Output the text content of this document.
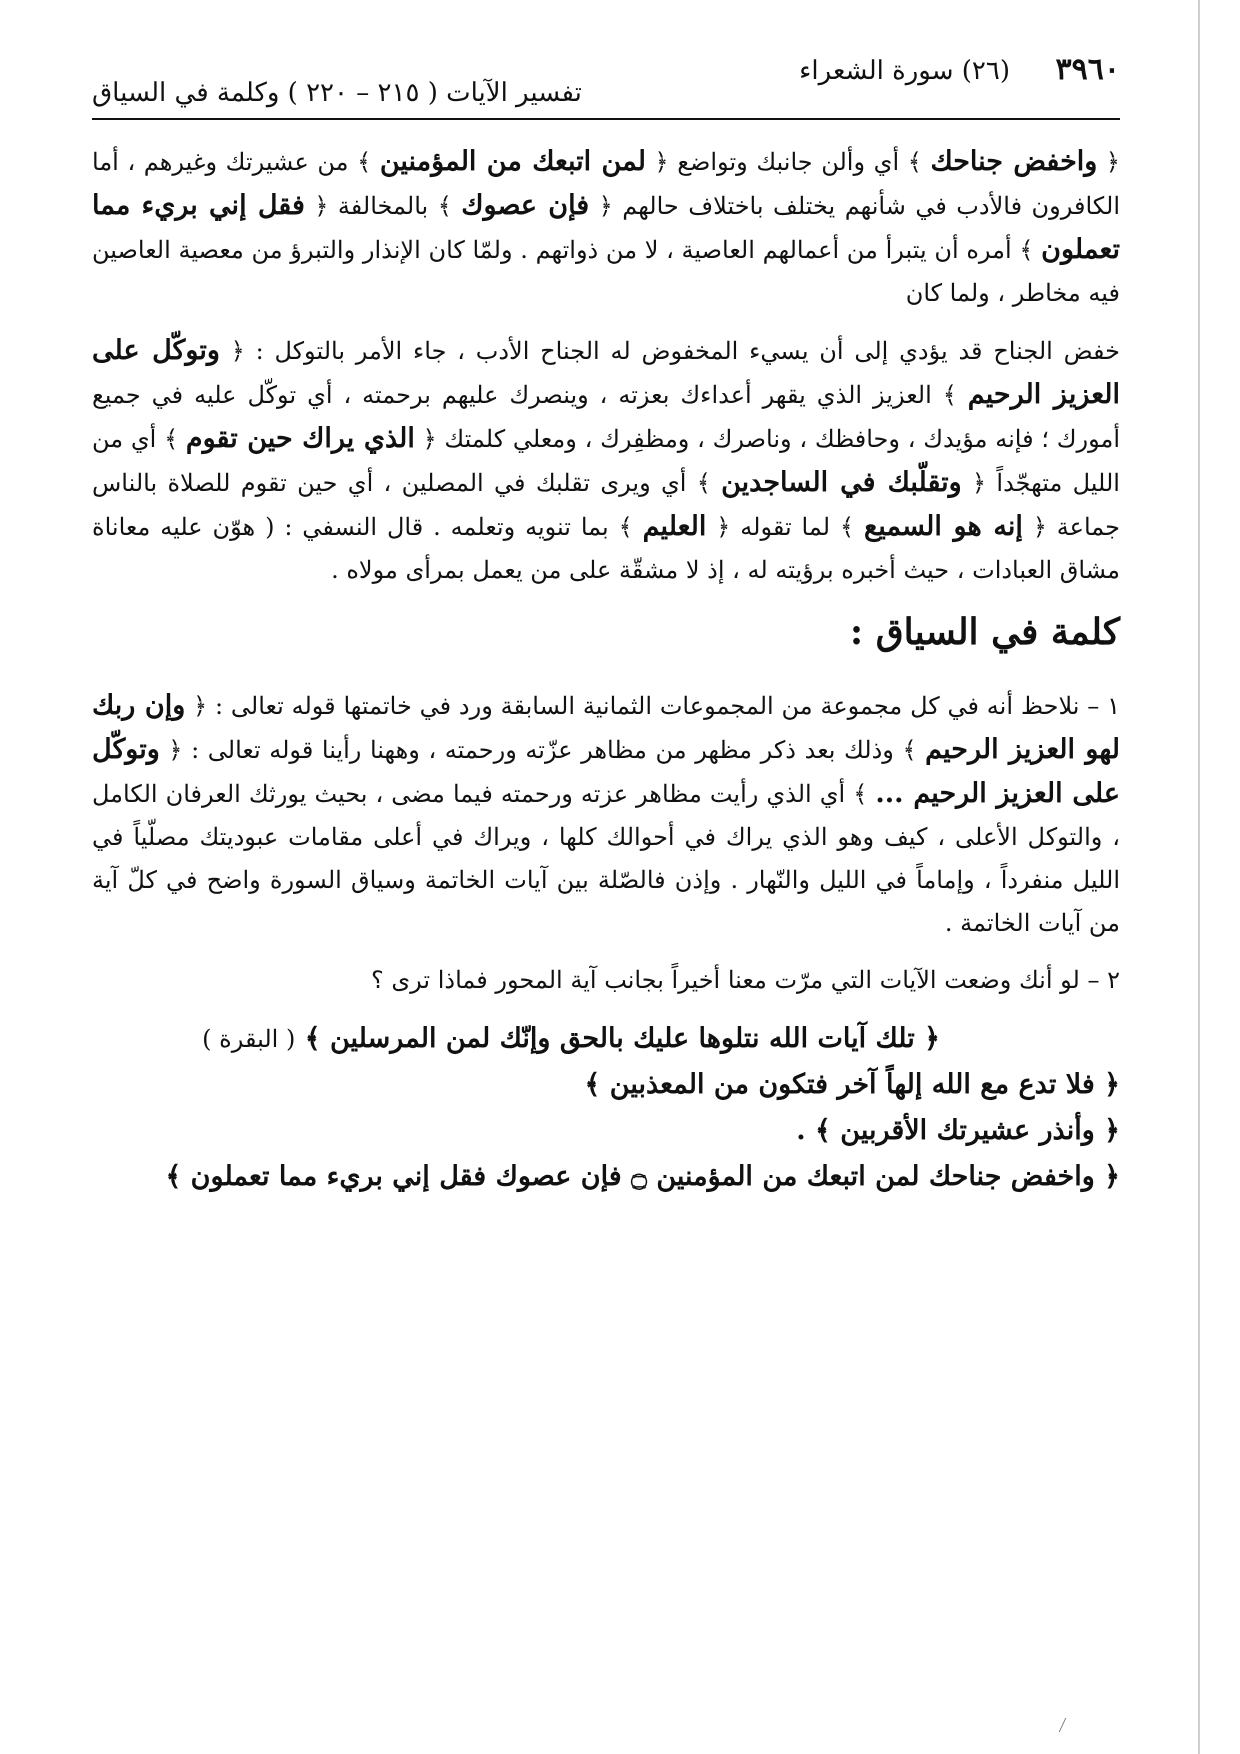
٣٩٦٠
(٢٦) سورة الشعراء
تفسير الآيات ( ٢١٥ – ٢٢٠ ) وكلمة في السياق

﴿ واخفض جناحك ﴾ أي وألن جانبك وتواضع ﴿ لمن اتبعك من المؤمنين ﴾ من عشيرتك وغيرهم ، أما الكافرون فالأدب في شأنهم يختلف باختلاف حالهم ﴿ فإن عصوك ﴾ بالمخالفة ﴿ فقل إني بريء مما تعملون ﴾ أمره أن يتبرأ من أعمالهم العاصية ، لا من ذواتهم . ولمّا كان الإنذار والتبرؤ من معصية العاصين فيه مخاطر ، ولما كان

خفض الجناح قد يؤدي إلى أن يسيء المخفوض له الجناح الأدب ، جاء الأمر بالتوكل : ﴿ وتوكّل على العزيز الرحيم ﴾ العزيز الذي يقهر أعداءك بعزته ، وينصرك عليهم برحمته ، أي توكّل عليه في جميع أمورك ؛ فإنه مؤيدك ، وحافظك ، وناصرك ، ومظفِرك ، ومعلي كلمتك ﴿ الذي يراك حين تقوم ﴾ أي من الليل متهجّداً ﴿ وتقلّبك في الساجدين ﴾ أي ويرى تقلبك في المصلين ، أي حين تقوم للصلاة بالناس جماعة ﴿ إنه هو السميع ﴾ لما تقوله ﴿ العليم ﴾ بما تنويه وتعلمه . قال النسفي : ( هوّن عليه معاناة مشاق العبادات ، حيث أخبره برؤيته له ، إذ لا مشقّة على من يعمل بمرأى مولاه .

كلمة في السياق :

١ – نلاحظ أنه في كل مجموعة من المجموعات الثمانية السابقة ورد في خاتمتها قوله تعالى : ﴿ وإن ربك لهو العزيز الرحيم ﴾ وذلك بعد ذكر مظهر من مظاهر عزّته ورحمته ، وههنا رأينا قوله تعالى : ﴿ وتوكّل على العزيز الرحيم ... ﴾ أي الذي رأيت مظاهر عزته ورحمته فيما مضى ، بحيث يورثك العرفان الكامل ، والتوكل الأعلى ، كيف وهو الذي يراك في أحوالك كلها ، ويراك في أعلى مقامات عبوديتك مصلّياً في الليل منفرداً ، وإماماً في الليل والنّهار . وإذن فالصّلة بين آيات الخاتمة وسياق السورة واضح في كلّ آية من آيات الخاتمة .

٢ – لو أنك وضعت الآيات التي مرّت معنا أخيراً بجانب آية المحور فماذا ترى ؟

﴿ تلك آيات الله نتلوها عليك بالحق وإنّك لمن المرسلين ﴾ ( البقرة )
﴿ فلا تدع مع الله إلهاً آخر فتكون من المعذبين ﴾
﴿ وأنذر عشيرتك الأقربين ﴾ .
﴿ واخفض جناحك لمن اتبعك من المؤمنين ۝ فإن عصوك فقل إني بريء مما تعملون ﴾
